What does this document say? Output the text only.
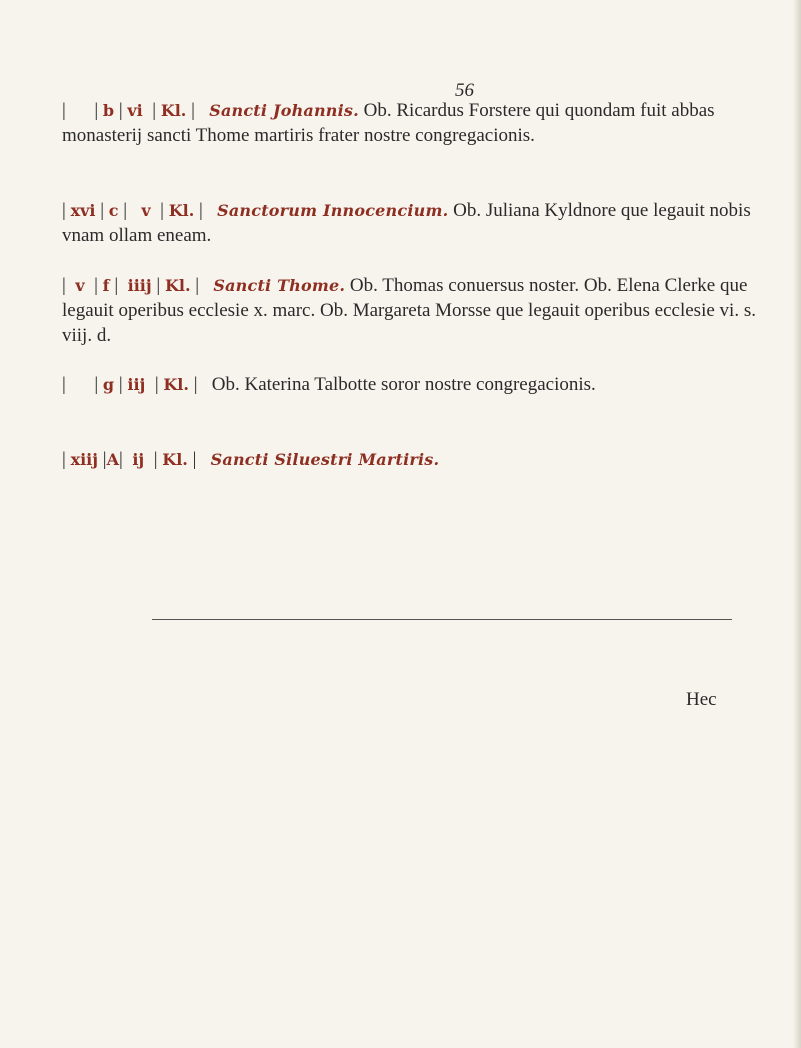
56

|      | b | vi  | Kl. |   Sancti Johannis. Ob. Ricardus Forstere qui quondam fuit abbas monasterij sancti Thome martiris frater nostre congregacionis.

| xvi | c |   v  | Kl. |   Sanctorum Innocencium. Ob. Juliana Kyldnore que legauit nobis vnam ollam eneam.

|  v  | f |  iiij | Kl. |   Sancti Thome. Ob. Thomas conuersus noster. Ob. Elena Clerke que legauit operibus ecclesie x. marc. Ob. Margareta Morsse que legauit operibus ecclesie vi. s. viij. d.

|      | g | iij  | Kl. |   Ob. Katerina Talbotte soror nostre congregacionis.

| xiij |A|  ij  | Kl. |   Sancti Siluestri Martiris.

Hec
